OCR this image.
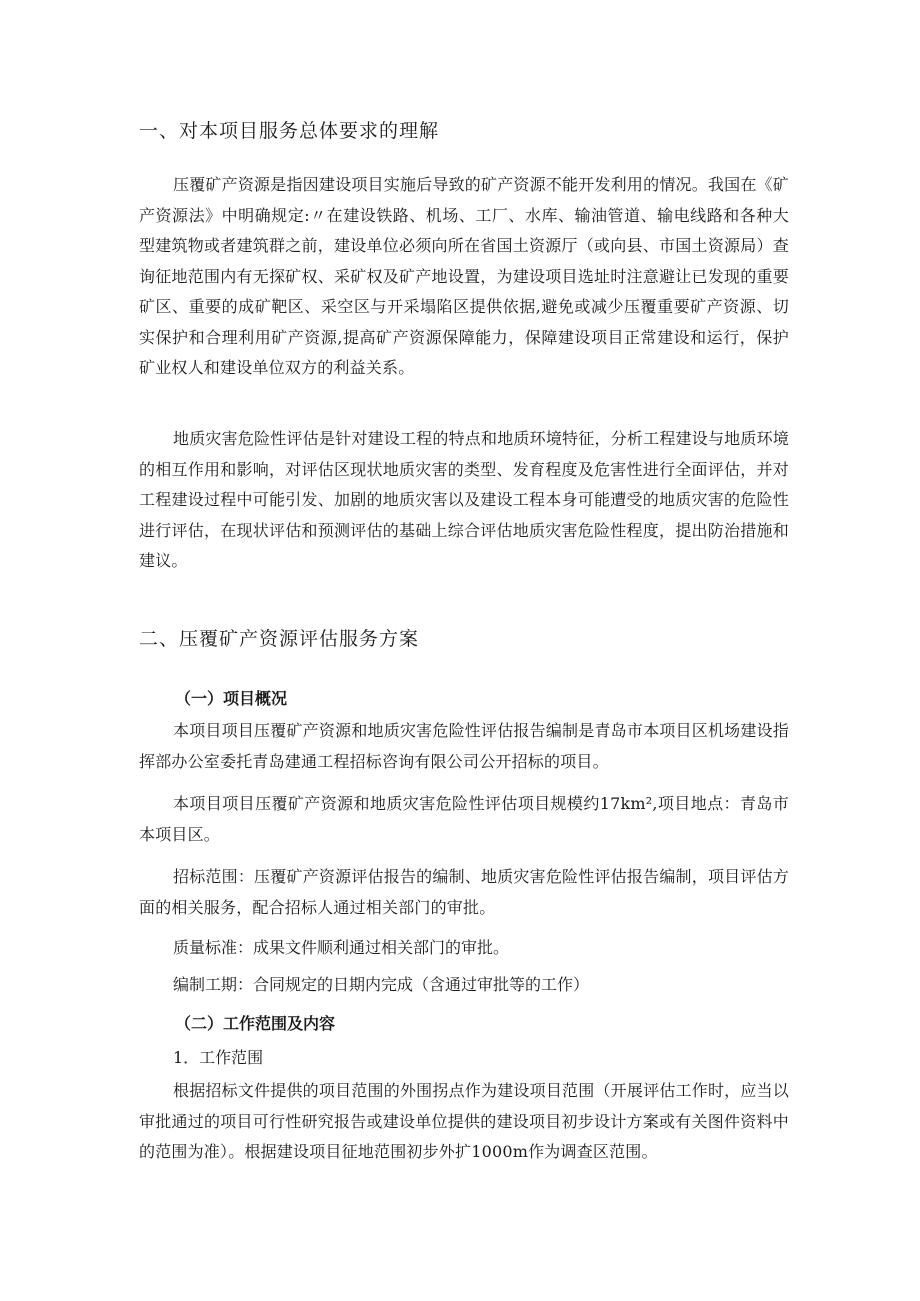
一、对本项目服务总体要求的理解

压覆矿产资源是指因建设项目实施后导致的矿产资源不能开发利用的情况。我国在《矿产资源法》中明确规定:〃在建设铁路、机场、工厂、水库、输油管道、输电线路和各种大型建筑物或者建筑群之前，建设单位必须向所在省国土资源厅（或向县、市国土资源局）查询征地范围内有无探矿权、采矿权及矿产地设置，为建设项目选址时注意避让已发现的重要矿区、重要的成矿靶区、采空区与开采塌陷区提供依据,避免或减少压覆重要矿产资源、切实保护和合理利用矿产资源,提高矿产资源保障能力，保障建设项目正常建设和运行，保护矿业权人和建设单位双方的利益关系。

地质灾害危险性评估是针对建设工程的特点和地质环境特征，分析工程建设与地质环境的相互作用和影响，对评估区现状地质灾害的类型、发育程度及危害性进行全面评估，并对工程建设过程中可能引发、加剧的地质灾害以及建设工程本身可能遭受的地质灾害的危险性进行评估，在现状评估和预测评估的基础上综合评估地质灾害危险性程度，提出防治措施和建议。

二、压覆矿产资源评估服务方案
（一）项目概况

本项目项目压覆矿产资源和地质灾害危险性评估报告编制是青岛市本项目区机场建设指挥部办公室委托青岛建通工程招标咨询有限公司公开招标的项目。

本项目项目压覆矿产资源和地质灾害危险性评估项目规模约17km²,项目地点：青岛市本项目区。

招标范围：压覆矿产资源评估报告的编制、地质灾害危险性评估报告编制，项目评估方面的相关服务，配合招标人通过相关部门的审批。

质量标准：成果文件顺利通过相关部门的审批。

编制工期：合同规定的日期内完成（含通过审批等的工作）

（二）工作范围及内容

1．工作范围

根据招标文件提供的项目范围的外围拐点作为建设项目范围（开展评估工作时，应当以审批通过的项目可行性研究报告或建设单位提供的建设项目初步设计方案或有关图件资料中的范围为准）。根据建设项目征地范围初步外扩1000m作为调查区范围。
